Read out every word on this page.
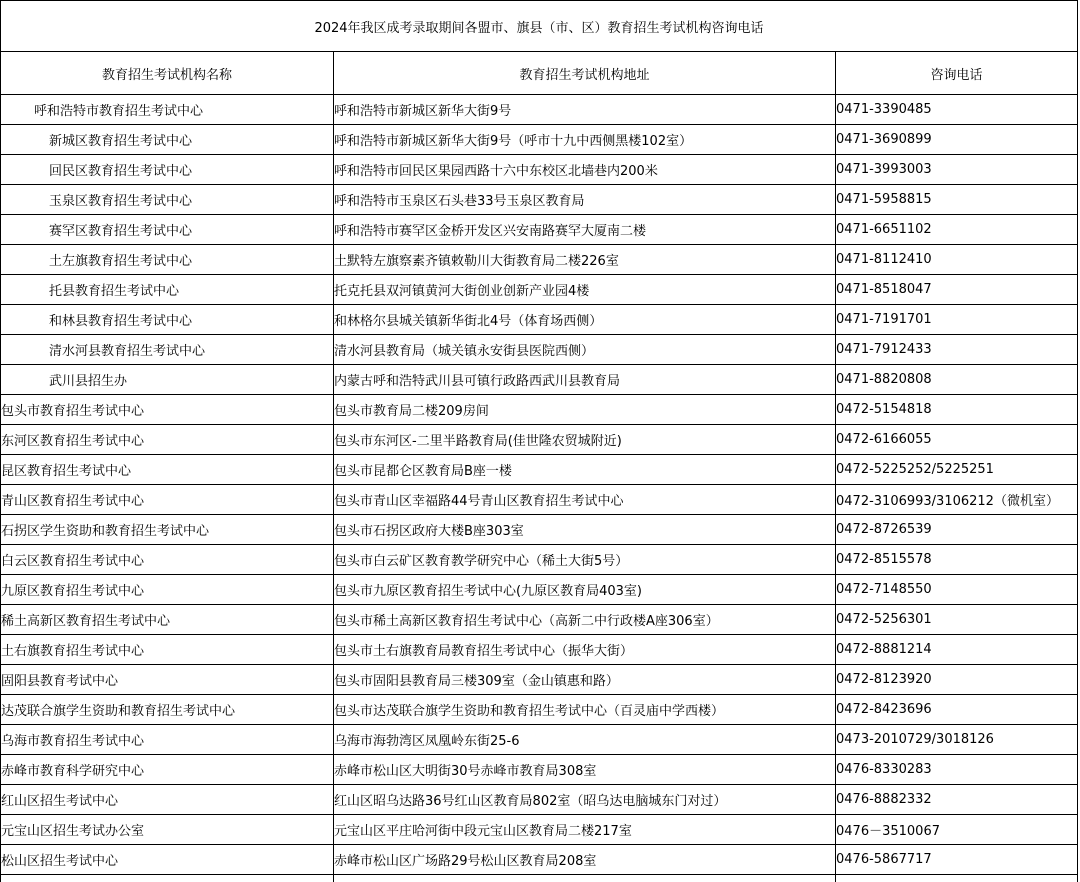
2024年我区成考录取期间各盟市、旗县（市、区）教育招生考试机构咨询电话		
教育招生考试机构名称	教育招生考试机构地址	咨询电话
呼和浩特市教育招生考试中心	呼和浩特市新城区新华大街9号	0471-3390485
新城区教育招生考试中心	呼和浩特市新城区新华大街9号（呼市十九中西侧黑楼102室）	0471-3690899
回民区教育招生考试中心	呼和浩特市回民区果园西路十六中东校区北墙巷内200米	0471-3993003
玉泉区教育招生考试中心	呼和浩特市玉泉区石头巷33号玉泉区教育局	0471-5958815
赛罕区教育招生考试中心	呼和浩特市赛罕区金桥开发区兴安南路赛罕大厦南二楼	0471-6651102
土左旗教育招生考试中心	土默特左旗察素齐镇敕勒川大街教育局二楼226室	0471-8112410
托县教育招生考试中心	托克托县双河镇黄河大街创业创新产业园4楼	0471-8518047
和林县教育招生考试中心	和林格尔县城关镇新华街北4号（体育场西侧）	0471-7191701
清水河县教育招生考试中心	清水河县教育局（城关镇永安街县医院西侧）	0471-7912433
武川县招生办	内蒙古呼和浩特武川县可镇行政路西武川县教育局	0471-8820808
包头市教育招生考试中心	包头市教育局二楼209房间	0472-5154818
东河区教育招生考试中心	包头市东河区-二里半路教育局(佳世隆农贸城附近)	0472-6166055
昆区教育招生考试中心	包头市昆都仑区教育局B座一楼	0472-5225252/5225251
青山区教育招生考试中心	包头市青山区幸福路44号青山区教育招生考试中心	0472-3106993/3106212（微机室）
石拐区学生资助和教育招生考试中心	包头市石拐区政府大楼B座303室	0472-8726539
白云区教育招生考试中心	包头市白云矿区教育教学研究中心（稀土大街5号）	0472-8515578
九原区教育招生考试中心	包头市九原区教育招生考试中心(九原区教育局403室)	0472-7148550
稀土高新区教育招生考试中心	包头市稀土高新区教育招生考试中心（高新二中行政楼A座306室）	0472-5256301
土右旗教育招生考试中心	包头市土右旗教育局教育招生考试中心（振华大街）	0472-8881214
固阳县教育考试中心	包头市固阳县教育局三楼309室（金山镇惠和路）	0472-8123920
达茂联合旗学生资助和教育招生考试中心	包头市达茂联合旗学生资助和教育招生考试中心（百灵庙中学西楼）	0472-8423696
乌海市教育招生考试中心	乌海市海勃湾区凤凰岭东街25-6	0473-2010729/3018126
赤峰市教育科学研究中心	赤峰市松山区大明街30号赤峰市教育局308室	0476-8330283
红山区招生考试中心	红山区昭乌达路36号红山区教育局802室（昭乌达电脑城东门对过）	0476-8882332
元宝山区招生考试办公室	元宝山区平庄哈河街中段元宝山区教育局二楼217室	0476－3510067
松山区招生考试中心	赤峰市松山区广场路29号松山区教育局208室	0476-5867717
